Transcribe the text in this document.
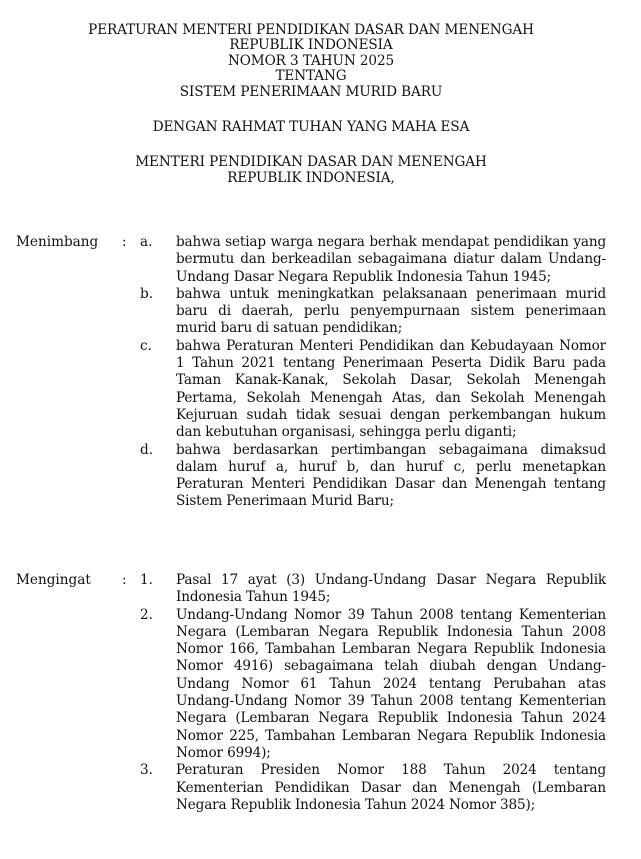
PERATURAN MENTERI PENDIDIKAN DASAR DAN MENENGAH
REPUBLIK INDONESIA
NOMOR 3 TAHUN 2025
TENTANG
SISTEM PENERIMAAN MURID BARU
DENGAN RAHMAT TUHAN YANG MAHA ESA
MENTERI PENDIDIKAN DASAR DAN MENENGAH
REPUBLIK INDONESIA,
Menimbang : a. bahwa setiap warga negara berhak mendapat pendidikan yang bermutu dan berkeadilan sebagaimana diatur dalam Undang-Undang Dasar Negara Republik Indonesia Tahun 1945;
b. bahwa untuk meningkatkan pelaksanaan penerimaan murid baru di daerah, perlu penyempurnaan sistem penerimaan murid baru di satuan pendidikan;
c. bahwa Peraturan Menteri Pendidikan dan Kebudayaan Nomor 1 Tahun 2021 tentang Penerimaan Peserta Didik Baru pada Taman Kanak-Kanak, Sekolah Dasar, Sekolah Menengah Pertama, Sekolah Menengah Atas, dan Sekolah Menengah Kejuruan sudah tidak sesuai dengan perkembangan hukum dan kebutuhan organisasi, sehingga perlu diganti;
d. bahwa berdasarkan pertimbangan sebagaimana dimaksud dalam huruf a, huruf b, dan huruf c, perlu menetapkan Peraturan Menteri Pendidikan Dasar dan Menengah tentang Sistem Penerimaan Murid Baru;
Mengingat : 1. Pasal 17 ayat (3) Undang-Undang Dasar Negara Republik Indonesia Tahun 1945;
2. Undang-Undang Nomor 39 Tahun 2008 tentang Kementerian Negara (Lembaran Negara Republik Indonesia Tahun 2008 Nomor 166, Tambahan Lembaran Negara Republik Indonesia Nomor 4916) sebagaimana telah diubah dengan Undang-Undang Nomor 61 Tahun 2024 tentang Perubahan atas Undang-Undang Nomor 39 Tahun 2008 tentang Kementerian Negara (Lembaran Negara Republik Indonesia Tahun 2024 Nomor 225, Tambahan Lembaran Negara Republik Indonesia Nomor 6994);
3. Peraturan Presiden Nomor 188 Tahun 2024 tentang Kementerian Pendidikan Dasar dan Menengah (Lembaran Negara Republik Indonesia Tahun 2024 Nomor 385);
